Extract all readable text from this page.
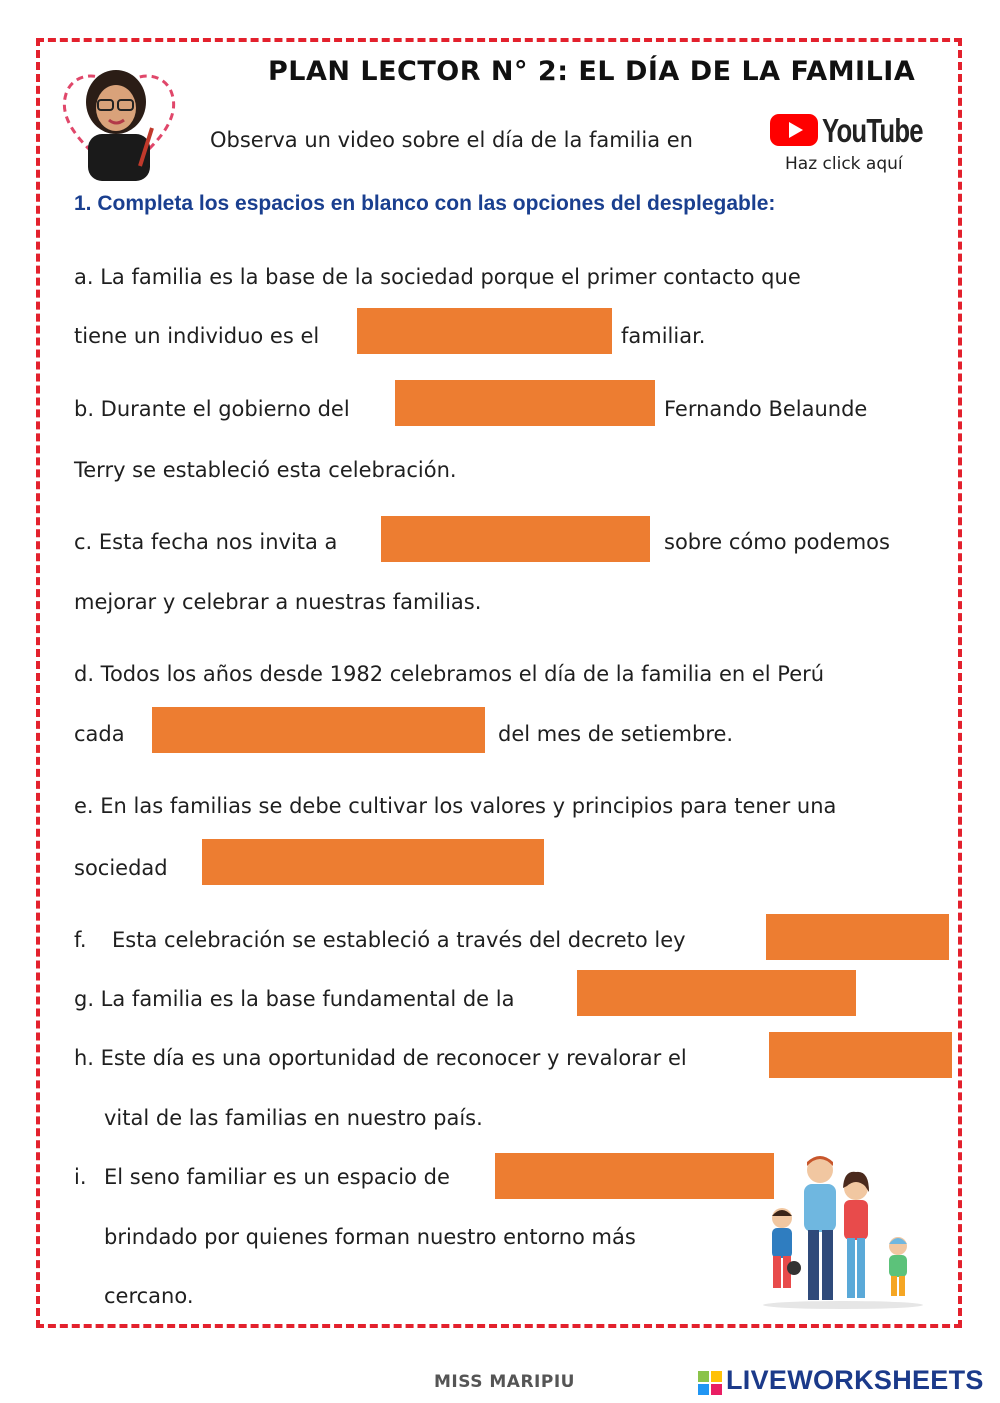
PLAN LECTOR N° 2: EL DÍA DE LA FAMILIA
Observa un video sobre el día de la familia en	YouTube
Haz click aquí
1. Completa los espacios en blanco con las opciones del desplegable:
a. La familia es la base de la sociedad porque el primer contacto que
tiene un individuo es el	familiar.
b. Durante el gobierno del	Fernando Belaunde
Terry se estableció esta celebración.
c. Esta fecha nos invita a	sobre cómo podemos
mejorar y celebrar a nuestras familias.
d. Todos los años desde 1982 celebramos el día de la familia en el Perú
cada	del mes de setiembre.
e. En las familias se debe cultivar los valores y principios para tener una
sociedad
f. Esta celebración se estableció a través del decreto ley
g. La familia es la base fundamental de la
h. Este día es una oportunidad de reconocer y revalorar el
vital de las familias en nuestro país.
i. El seno familiar es un espacio de
brindado por quienes forman nuestro entorno más
cercano.
MISS MARIPIU	LIVEWORKSHEETS
